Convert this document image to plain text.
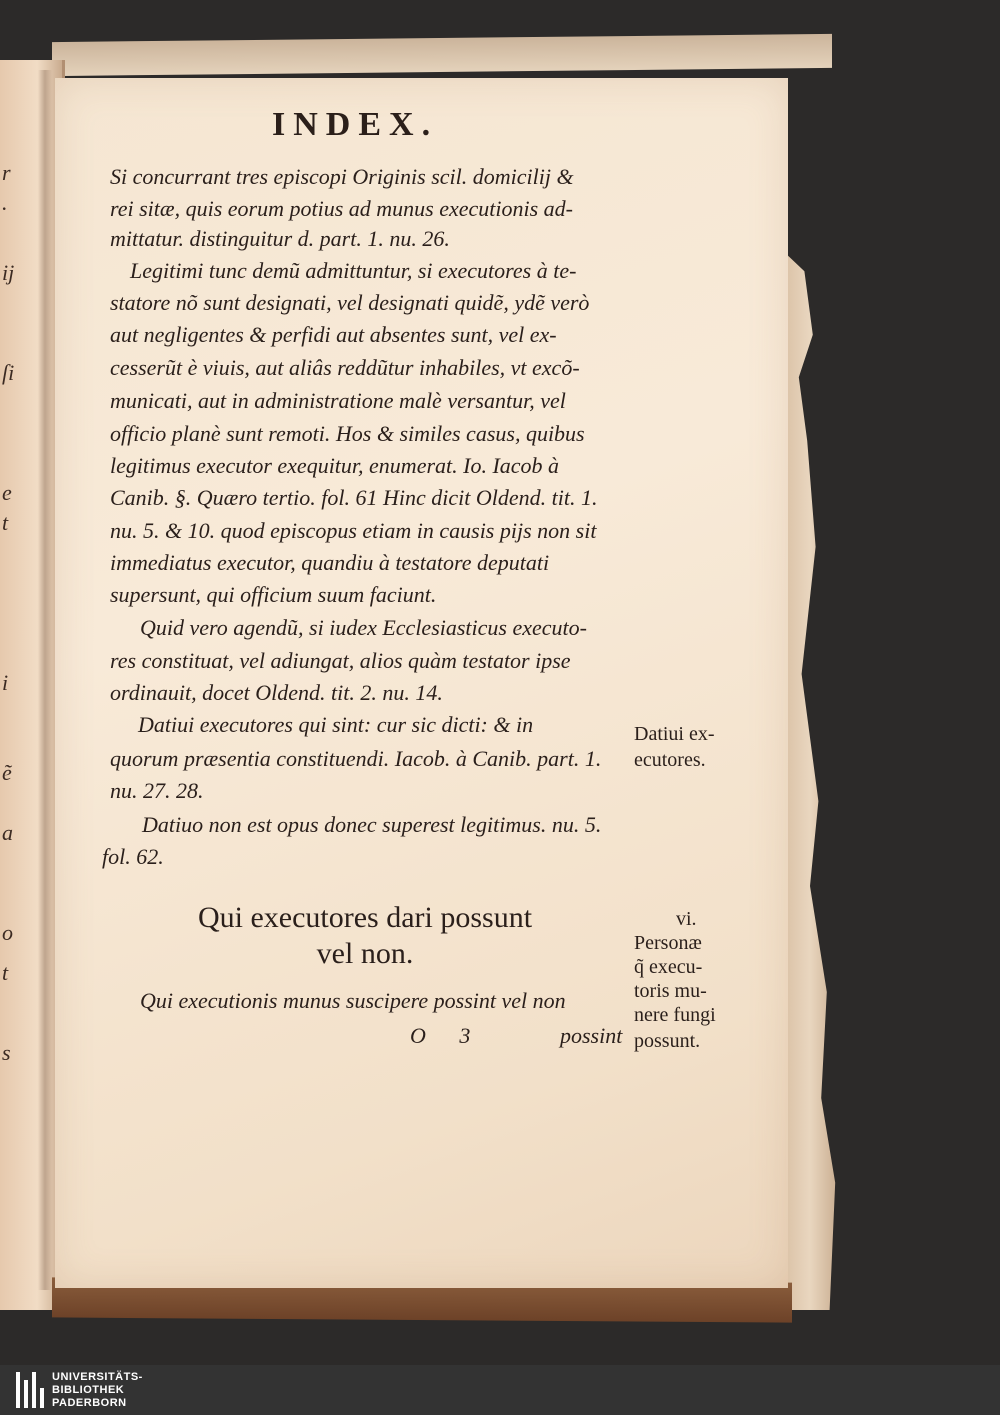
r
.
ij
ſi
e
t
i
ẽ
a
o
t
s
INDEX.

Si concurrant tres episcopi Originis scil. domicilij &

rei sitæ, quis eorum potius ad munus executionis ad-

mittatur. distinguitur d. part. 1. nu. 26.

Legitimi tunc demũ admittuntur, si executores à te-

statore nõ sunt designati, vel designati quidẽ, ydẽ verò

aut negligentes & perfidi aut absentes sunt, vel ex-

cesserũt è viuis, aut aliâs reddũtur inhabiles, vt excõ-

municati, aut in administratione malè versantur, vel

officio planè sunt remoti. Hos & similes casus, quibus

legitimus executor exequitur, enumerat. Io. Iacob à

Canib. §. Quæro tertio. fol. 61 Hinc dicit Oldend. tit. 1.

nu. 5. & 10. quod episcopus etiam in causis pijs non sit

immediatus executor, quandiu à testatore deputati

supersunt, qui officium suum faciunt.

Quid vero agendũ, si iudex Ecclesiasticus executo-

res constituat, vel adiungat, alios quàm testator ipse

ordinauit, docet Oldend. tit. 2. nu. 14.

Datiui executores qui sint: cur sic dicti: & in

quorum præsentia constituendi. Iacob. à Canib. part. 1.

nu. 27. 28.

Datiuo non est opus donec superest legitimus. nu. 5.

fol. 62.

Datiui ex-

ecutores.

Qui executores dari possunt

vel non.

Qui executionis munus suscipere possint vel non

vi.

Personæ

q̃ execu-

toris mu-

nere fungi

possunt.

O 3	possint

UNIVERSITÄTS-

BIBLIOTHEK

PADERBORN
